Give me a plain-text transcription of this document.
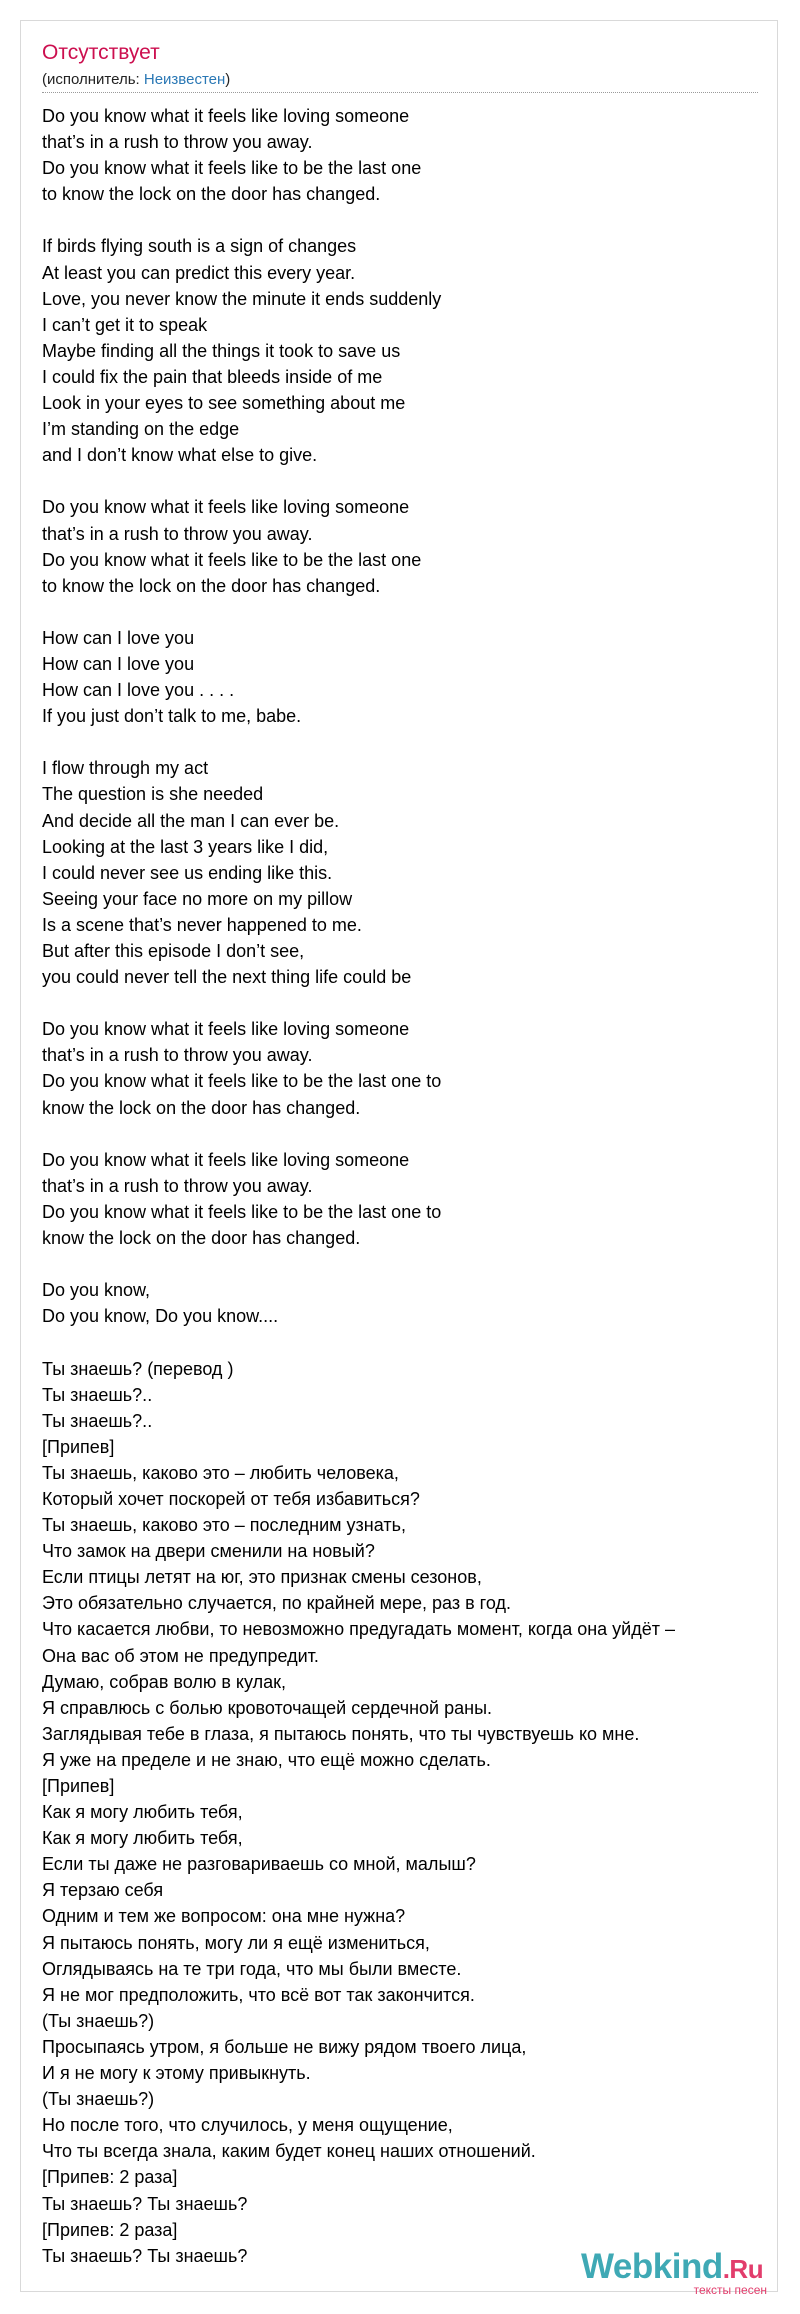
Отсутствует
(исполнитель: Неизвестен)
Do you know what it feels like loving someone
that’s in a rush to throw you away.
Do you know what it feels like to be the last one
to know the lock on the door has changed.
If birds flying south is a sign of changes
At least you can predict this every year.
Love, you never know the minute it ends suddenly
I can’t get it to speak
Maybe finding all the things it took to save us
I could fix the pain that bleeds inside of me
Look in your eyes to see something about me
I’m standing on the edge
and I don’t know what else to give.
Do you know what it feels like loving someone
that’s in a rush to throw you away.
Do you know what it feels like to be the last one
to know the lock on the door has changed.
How can I love you
How can I love you
How can I love you . . . .
If you just don’t talk to me, babe.
I flow through my act
The question is she needed
And decide all the man I can ever be.
Looking at the last 3 years like I did,
I could never see us ending like this.
Seeing your face no more on my pillow
Is a scene that’s never happened to me.
But after this episode I don’t see,
you could never tell the next thing life could be
Do you know what it feels like loving someone
that’s in a rush to throw you away.
Do you know what it feels like to be the last one to
know the lock on the door has changed.
Do you know what it feels like loving someone
that’s in a rush to throw you away.
Do you know what it feels like to be the last one to
know the lock on the door has changed.
Do you know,
Do you know, Do you know....
Ты знаешь? (перевод )
Ты знаешь?..
Ты знаешь?..
[Припев]
Ты знаешь, каково это – любить человека,
Который хочет поскорей от тебя избавиться?
Ты знаешь, каково это – последним узнать,
Что замок на двери сменили на новый?
Если птицы летят на юг, это признак смены сезонов,
Это обязательно случается, по крайней мере, раз в год.
Что касается любви, то невозможно предугадать момент, когда она уйдёт –
Она вас об этом не предупредит.
Думаю, собрав волю в кулак,
Я справлюсь с болью кровоточащей сердечной раны.
Заглядывая тебе в глаза, я пытаюсь понять, что ты чувствуешь ко мне.
Я уже на пределе и не знаю, что ещё можно сделать.
[Припев]
Как я могу любить тебя,
Как я могу любить тебя,
Если ты даже не разговариваешь со мной, малыш?
Я терзаю себя
Одним и тем же вопросом: она мне нужна?
Я пытаюсь понять, могу ли я ещё измениться,
Оглядываясь на те три года, что мы были вместе.
Я не мог предположить, что всё вот так закончится.
(Ты знаешь?)
Просыпаясь утром, я больше не вижу рядом твоего лица,
И я не могу к этому привыкнуть.
(Ты знаешь?)
Но после того, что случилось, у меня ощущение,
Что ты всегда знала, каким будет конец наших отношений.
[Припев: 2 раза]
Ты знаешь? Ты знаешь?
[Припев: 2 раза]
Ты знаешь? Ты знаешь?	Webkind.Ru
тексты песен
